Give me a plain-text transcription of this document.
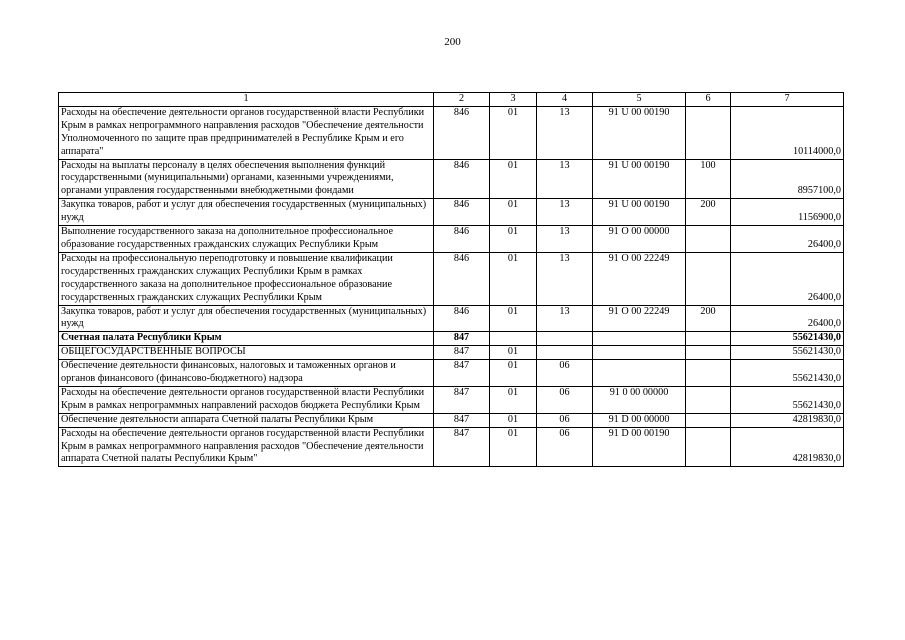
200
1	2	3	4	5	6	7
Расходы на обеспечение деятельности органов государственной власти Республики Крым в рамках непрограммного направления расходов "Обеспечение деятельности Уполномоченного по защите прав предпринимателей в Республике Крым и его аппарата"	846	01	13	91 U 00 00190		10114000,0
Расходы на выплаты персоналу в целях обеспечения выполнения функций государственными (муниципальными) органами, казенными учреждениями, органами управления государственными внебюджетными фондами	846	01	13	91 U 00 00190	100	8957100,0
Закупка товаров, работ и услуг для обеспечения государственных (муниципальных) нужд	846	01	13	91 U 00 00190	200	1156900,0
Выполнение государственного заказа на дополнительное профессиональное образование государственных гражданских служащих Республики Крым	846	01	13	91 O 00 00000		26400,0
Расходы на профессиональную переподготовку и повышение квалификации государственных гражданских служащих Республики Крым в рамках государственного заказа на дополнительное профессиональное образование государственных гражданских служащих Республики Крым	846	01	13	91 O 00 22249		26400,0
Закупка товаров, работ и услуг для обеспечения государственных (муниципальных) нужд	846	01	13	91 O 00 22249	200	26400,0
Счетная палата Республики Крым	847					55621430,0
ОБЩЕГОСУДАРСТВЕННЫЕ ВОПРОСЫ	847	01				55621430,0
Обеспечение деятельности финансовых, налоговых и таможенных органов и органов финансового (финансово-бюджетного) надзора	847	01	06			55621430,0
Расходы на обеспечение деятельности органов государственной власти Республики Крым в рамках непрограммных направлений расходов бюджета Республики Крым	847	01	06	91 0 00 00000		55621430,0
Обеспечение деятельности аппарата Счетной палаты Республики Крым	847	01	06	91 D 00 00000		42819830,0
Расходы на обеспечение деятельности органов государственной власти Республики Крым в рамках непрограммного направления расходов "Обеспечение деятельности аппарата Счетной палаты Республики Крым"	847	01	06	91 D 00 00190		42819830,0
